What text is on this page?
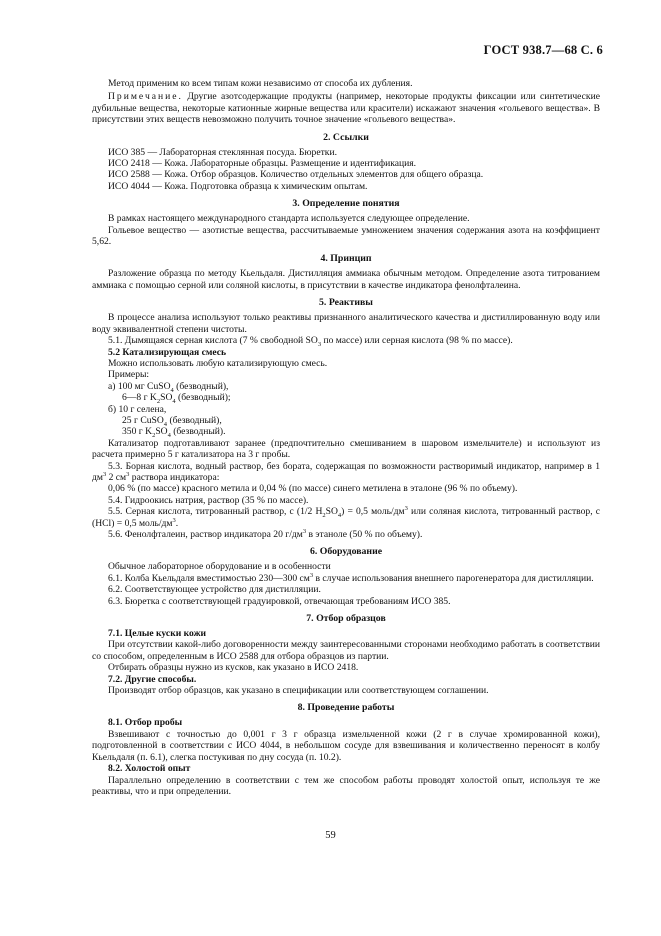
ГОСТ 938.7—68 С. 6

Метод применим ко всем типам кожи независимо от способа их дубления.

Примечание. Другие азотсодержащие продукты (например, некоторые продукты фиксации или синтетические дубильные вещества, некоторые катионные жирные вещества или красители) искажают значения «гольевого вещества». В присутствии этих веществ невозможно получить точное значение «гольевого вещества».

2. Ссылки

ИСО 385 — Лабораторная стеклянная посуда. Бюретки.

ИСО 2418 — Кожа. Лабораторные образцы. Размещение и идентификация.

ИСО 2588 — Кожа. Отбор образцов. Количество отдельных элементов для общего образца.

ИСО 4044 — Кожа. Подготовка образца к химическим опытам.

3. Определение понятия

В рамках настоящего международного стандарта используется следующее определение.

Гольевое вещество — азотистые вещества, рассчитываемые умножением значения содержания азота на коэффициент 5,62.

4. Принцип

Разложение образца по методу Кьельдаля. Дистилляция аммиака обычным методом. Определение азота титрованием аммиака с помощью серной или соляной кислоты, в присутствии в качестве индикатора фенолфталеина.

5. Реактивы

В процессе анализа используют только реактивы признанного аналитического качества и дистиллированную воду или воду эквивалентной степени чистоты.

5.1. Дымящаяся серная кислота (7 % свободной $SO_3$ по массе) или серная кислота (98 % по массе).

5.2 Катализирующая смесь

Можно использовать любую катализирующую смесь.

Примеры:

а) 100 мг CuSO$_4$ (безводный),
6—8 г $K_2SO_4$ (безводный);
б) 10 г селена,
25 г CuSO$_4$ (безводный),
350 г $K_2SO_4$ (безводный).

Катализатор подготавливают заранее (предпочтительно смешиванием в шаровом измельчителе) и используют из расчета примерно 5 г катализатора на 3 г пробы.

5.3. Борная кислота, водный раствор, без бората, содержащая по возможности растворимый индикатор, например в 1 $дм^3$ 2 $см^3$ раствора индикатора:

0,06 % (по массе) красного метила и 0,04 % (по массе) синего метилена в эталоне (96 % по объему).

5.4. Гидроокись натрия, раствор (35 % по массе).

5.5. Серная кислота, титрованный раствор, c (1/2 $H_2SO_4) = 0,5$ моль/$дм^3$ или соляная кислота, титрованный раствор, c (HCl) = 0,5 моль/$дм^3$.

5.6. Фенолфталеин, раствор индикатора 20 $г/дм^3$ в этаноле (50 % по объему).

6. Оборудование

Обычное лабораторное оборудование и в особенности

6.1. Колба Кьельдаля вместимостью 230—300 $см^3$ в случае использования внешнего парогенератора для дистилляции.

6.2. Соответствующее устройство для дистилляции.

6.3. Бюретка с соответствующей градуировкой, отвечающая требованиям ИСО 385.

7. Отбор образцов
7.1. Целые куски кожи

При отсутствии какой-либо договоренности между заинтересованными сторонами необходимо работать в соответствии со способом, определенным в ИСО 2588 для отбора образцов из партии.

Отбирать образцы нужно из кусков, как указано в ИСО 2418.

7.2. Другие способы.

Производят отбор образцов, как указано в спецификации или соответствующем соглашении.

8. Проведение работы
8.1. Отбор пробы

Взвешивают с точностью до 0,001 г 3 г образца измельченной кожи (2 г в случае хромированной кожи), подготовленной в соответствии с ИСО 4044, в небольшом сосуде для взвешивания и количественно переносят в колбу Кьельдаля (п. 6.1), слегка постукивая по дну сосуда (п. 10.2).

8.2. Холостой опыт

Параллельно определению в соответствии с тем же способом работы проводят холостой опыт, используя те же реактивы, что и при определении.

59
